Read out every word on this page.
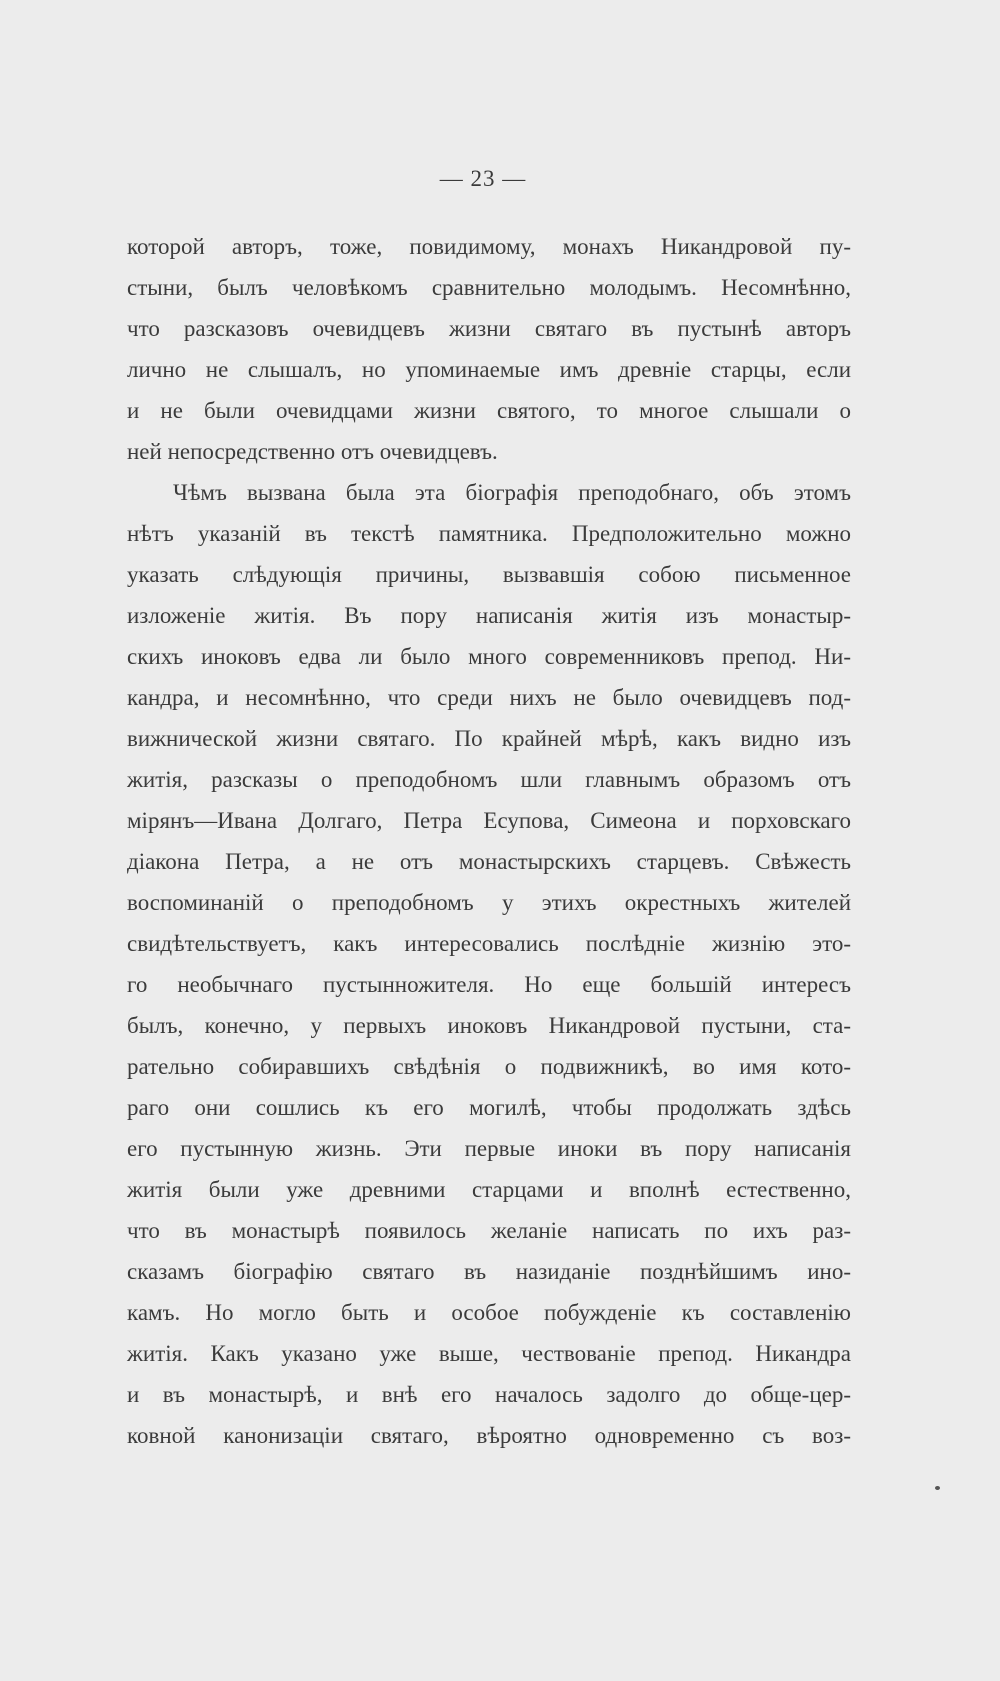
— 23 —
которой авторъ, тоже, повидимому, монахъ Никандровой пу-
стыни, былъ человѣкомъ сравнительно молодымъ. Несомнѣнно,
что разсказовъ очевидцевъ жизни святаго въ пустынѣ авторъ
лично не слышалъ, но упоминаемые имъ древніе старцы, если
и не были очевидцами жизни святого, то многое слышали о
ней непосредственно отъ очевидцевъ.
Чѣмъ вызвана была эта біографія преподобнаго, объ этомъ
нѣтъ указаній въ текстѣ памятника. Предположительно можно
указать слѣдующія причины, вызвавшія собою письменное
изложеніе житія. Въ пору написанія житія изъ монастыр-
скихъ иноковъ едва ли было много современниковъ препод. Ни-
кандра, и несомнѣнно, что среди нихъ не было очевидцевъ под-
вижнической жизни святаго. По крайней мѣрѣ, какъ видно изъ
житія, разсказы о преподобномъ шли главнымъ образомъ отъ
мірянъ—Ивана Долгаго, Петра Есупова, Симеона и порховскаго
діакона Петра, а не отъ монастырскихъ старцевъ. Свѣжесть
воспоминаній о преподобномъ у этихъ окрестныхъ жителей
свидѣтельствуетъ, какъ интересовались послѣдніе жизнію это-
го необычнаго пустынножителя. Но еще большій интересъ
былъ, конечно, у первыхъ иноковъ Никандровой пустыни, ста-
рательно собиравшихъ свѣдѣнія о подвижникѣ, во имя кото-
раго они сошлись къ его могилѣ, чтобы продолжать здѣсь
его пустынную жизнь. Эти первые иноки въ пору написанія
житія были уже древними старцами и вполнѣ естественно,
что въ монастырѣ появилось желаніе написать по ихъ раз-
сказамъ біографію святаго въ назиданіе позднѣйшимъ ино-
камъ. Но могло быть и особое побужденіе къ составленію
житія. Какъ указано уже выше, чествованіе препод. Никандра
и въ монастырѣ, и внѣ его началось задолго до обще-цер-
ковной канонизаціи святаго, вѣроятно одновременно съ воз-
